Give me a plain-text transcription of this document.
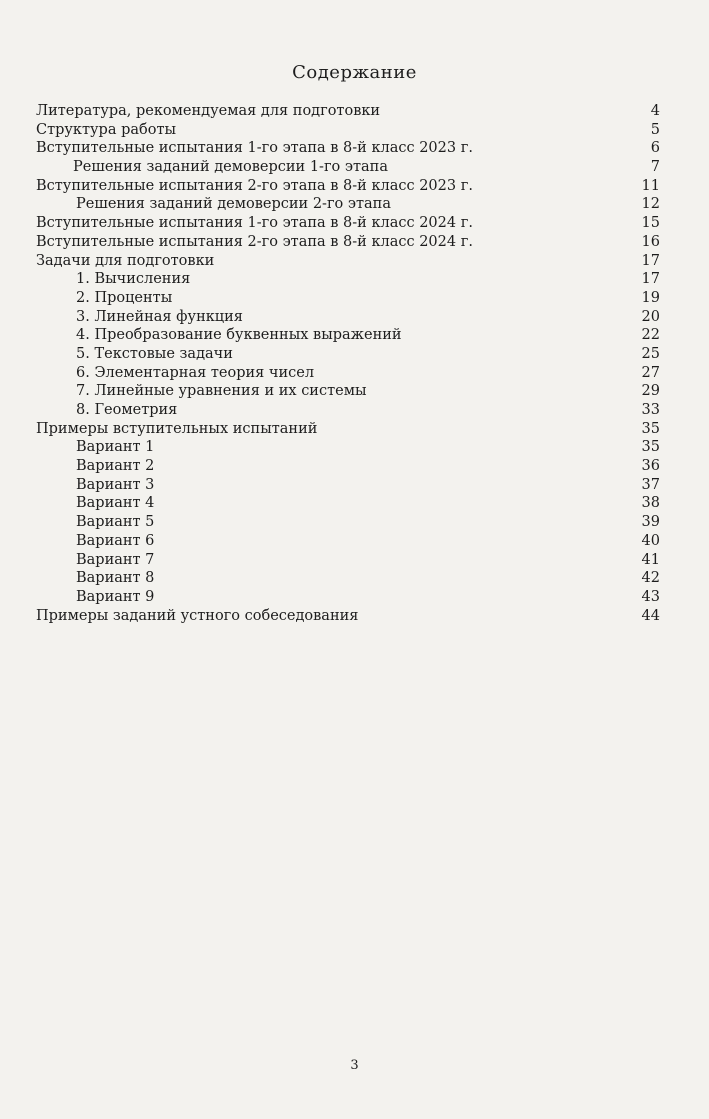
Содержание
Литература, рекомендуемая для подготовки	4
Структура работы	5
Вступительные испытания 1-го этапа в 8-й класс 2023 г.	6
Решения заданий демоверсии 1-го этапа	7
Вступительные испытания 2-го этапа в 8-й класс 2023 г.	11
Решения заданий демоверсии 2-го этапа	12
Вступительные испытания 1-го этапа в 8-й класс 2024 г.	15
Вступительные испытания 2-го этапа в 8-й класс 2024 г.	16
Задачи для подготовки	17
1. Вычисления	17
2. Проценты	19
3. Линейная функция	20
4. Преобразование буквенных выражений	22
5. Текстовые задачи	25
6. Элементарная теория чисел	27
7. Линейные уравнения и их системы	29
8. Геометрия	33
Примеры вступительных испытаний	35
Вариант 1	35
Вариант 2	36
Вариант 3	37
Вариант 4	38
Вариант 5	39
Вариант 6	40
Вариант 7	41
Вариант 8	42
Вариант 9	43
Примеры заданий устного собеседования	44
3
